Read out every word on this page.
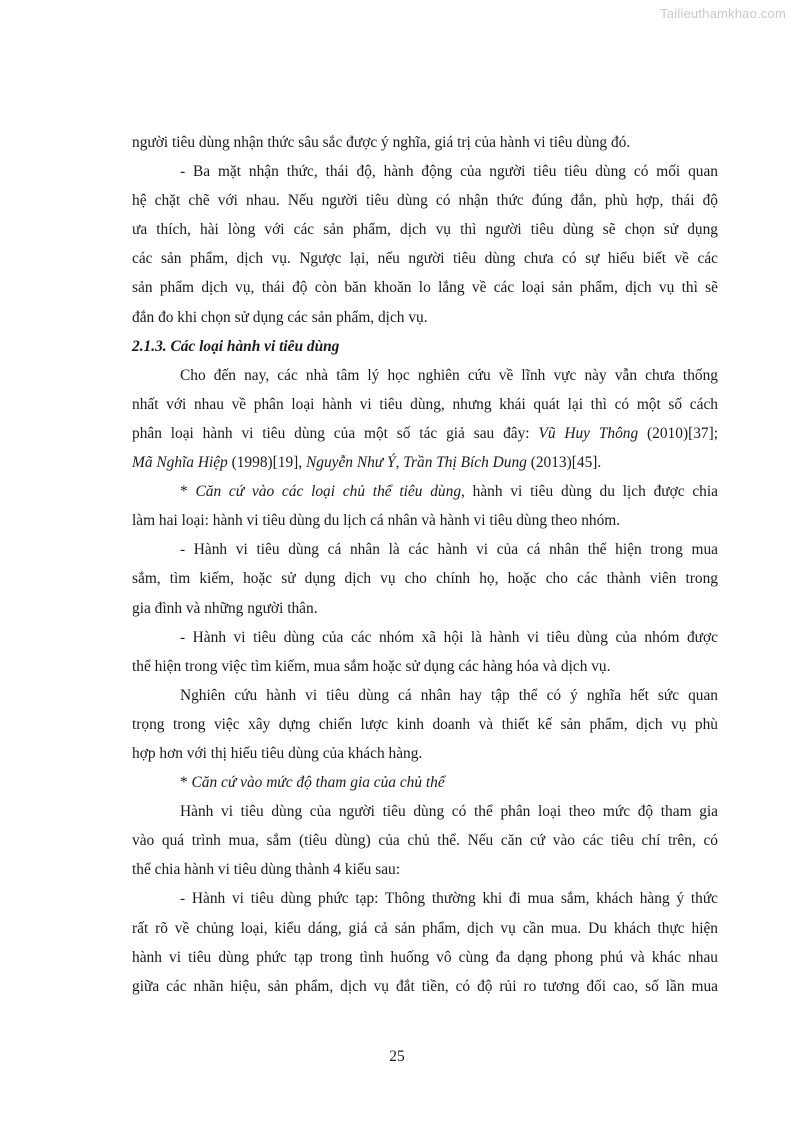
Tailieuthamkhao.com
người tiêu dùng nhận thức sâu sắc được ý nghĩa, giá trị của hành vi tiêu dùng đó.
- Ba mặt nhận thức, thái độ, hành động của người tiêu tiêu dùng có mối quan
hệ chặt chẽ với nhau. Nếu người tiêu dùng có nhận thức đúng đắn, phù hợp, thái độ
ưa thích, hài lòng với các sản phẩm, dịch vụ thì người tiêu dùng sẽ chọn sử dụng
các sản phẩm, dịch vụ. Ngược lại, nếu người tiêu dùng chưa có sự hiểu biết về các
sản phẩm dịch vụ, thái độ còn băn khoăn lo lắng về các loại sản phẩm, dịch vụ thì sẽ
đắn đo khi chọn sử dụng các sản phẩm, dịch vụ.
2.1.3. Các loại hành vi tiêu dùng
Cho đến nay, các nhà tâm lý học nghiên cứu về lĩnh vực này vẫn chưa thống
nhất với nhau về phân loại hành vi tiêu dùng, nhưng khái quát lại thì có một số cách
phân loại hành vi tiêu dùng của một số tác giả sau đây: Vũ Huy Thông (2010)[37];
Mã Nghĩa Hiệp (1998)[19], Nguyễn Như Ý, Trần Thị Bích Dung (2013)[45].
* Căn cứ vào các loại chủ thể tiêu dùng, hành vi tiêu dùng du lịch được chia
làm hai loại: hành vi tiêu dùng du lịch cá nhân và hành vi tiêu dùng theo nhóm.
- Hành vi tiêu dùng cá nhân là các hành vi của cá nhân thể hiện trong mua
sắm, tìm kiếm, hoặc sử dụng dịch vụ cho chính họ, hoặc cho các thành viên trong
gia đình và những người thân.
- Hành vi tiêu dùng của các nhóm xã hội là hành vi tiêu dùng của nhóm được
thể hiện trong việc tìm kiếm, mua sắm hoặc sử dụng các hàng hóa và dịch vụ.
Nghiên cứu hành vi tiêu dùng cá nhân hay tập thể có ý nghĩa hết sức quan
trọng trong việc xây dựng chiến lược kinh doanh và thiết kế sản phẩm, dịch vụ phù
hợp hơn với thị hiếu tiêu dùng của khách hàng.
* Căn cứ vào mức độ tham gia của chủ thể
Hành vi tiêu dùng của người tiêu dùng có thể phân loại theo mức độ tham gia
vào quá trình mua, sắm (tiêu dùng) của chủ thể. Nếu căn cứ vào các tiêu chí trên, có
thể chia hành vi tiêu dùng thành 4 kiểu sau:
- Hành vi tiêu dùng phức tạp: Thông thường khi đi mua sắm, khách hàng ý thức
rất rõ về chủng loại, kiểu dáng, giá cả sản phẩm, dịch vụ cần mua. Du khách thực hiện
hành vi tiêu dùng phức tạp trong tình huống vô cùng đa dạng phong phú và khác nhau
giữa các nhãn hiệu, sản phẩm, dịch vụ đắt tiền, có độ rủi ro tương đối cao, số lần mua
25
